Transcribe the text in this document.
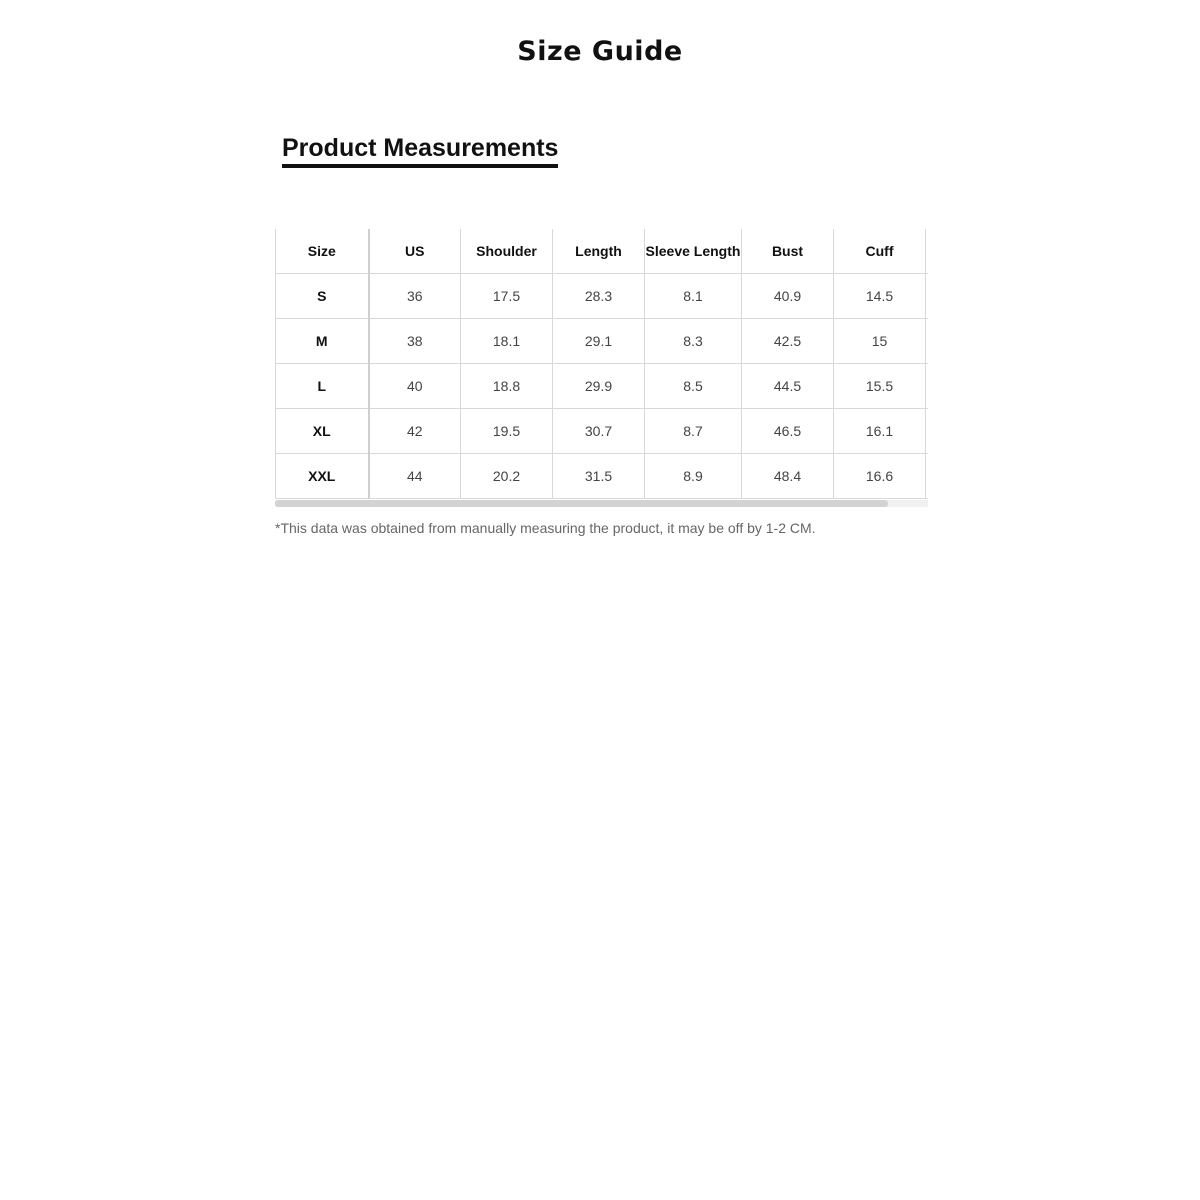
Size Guide
Product Measurements
Size	US	Shoulder	Length	Sleeve Length	Bust	Cuff	
S	36	17.5	28.3	8.1	40.9	14.5	
M	38	18.1	29.1	8.3	42.5	15	
L	40	18.8	29.9	8.5	44.5	15.5	
XL	42	19.5	30.7	8.7	46.5	16.1	
XXL	44	20.2	31.5	8.9	48.4	16.6	
*This data was obtained from manually measuring the product, it may be off by 1-2 CM.
